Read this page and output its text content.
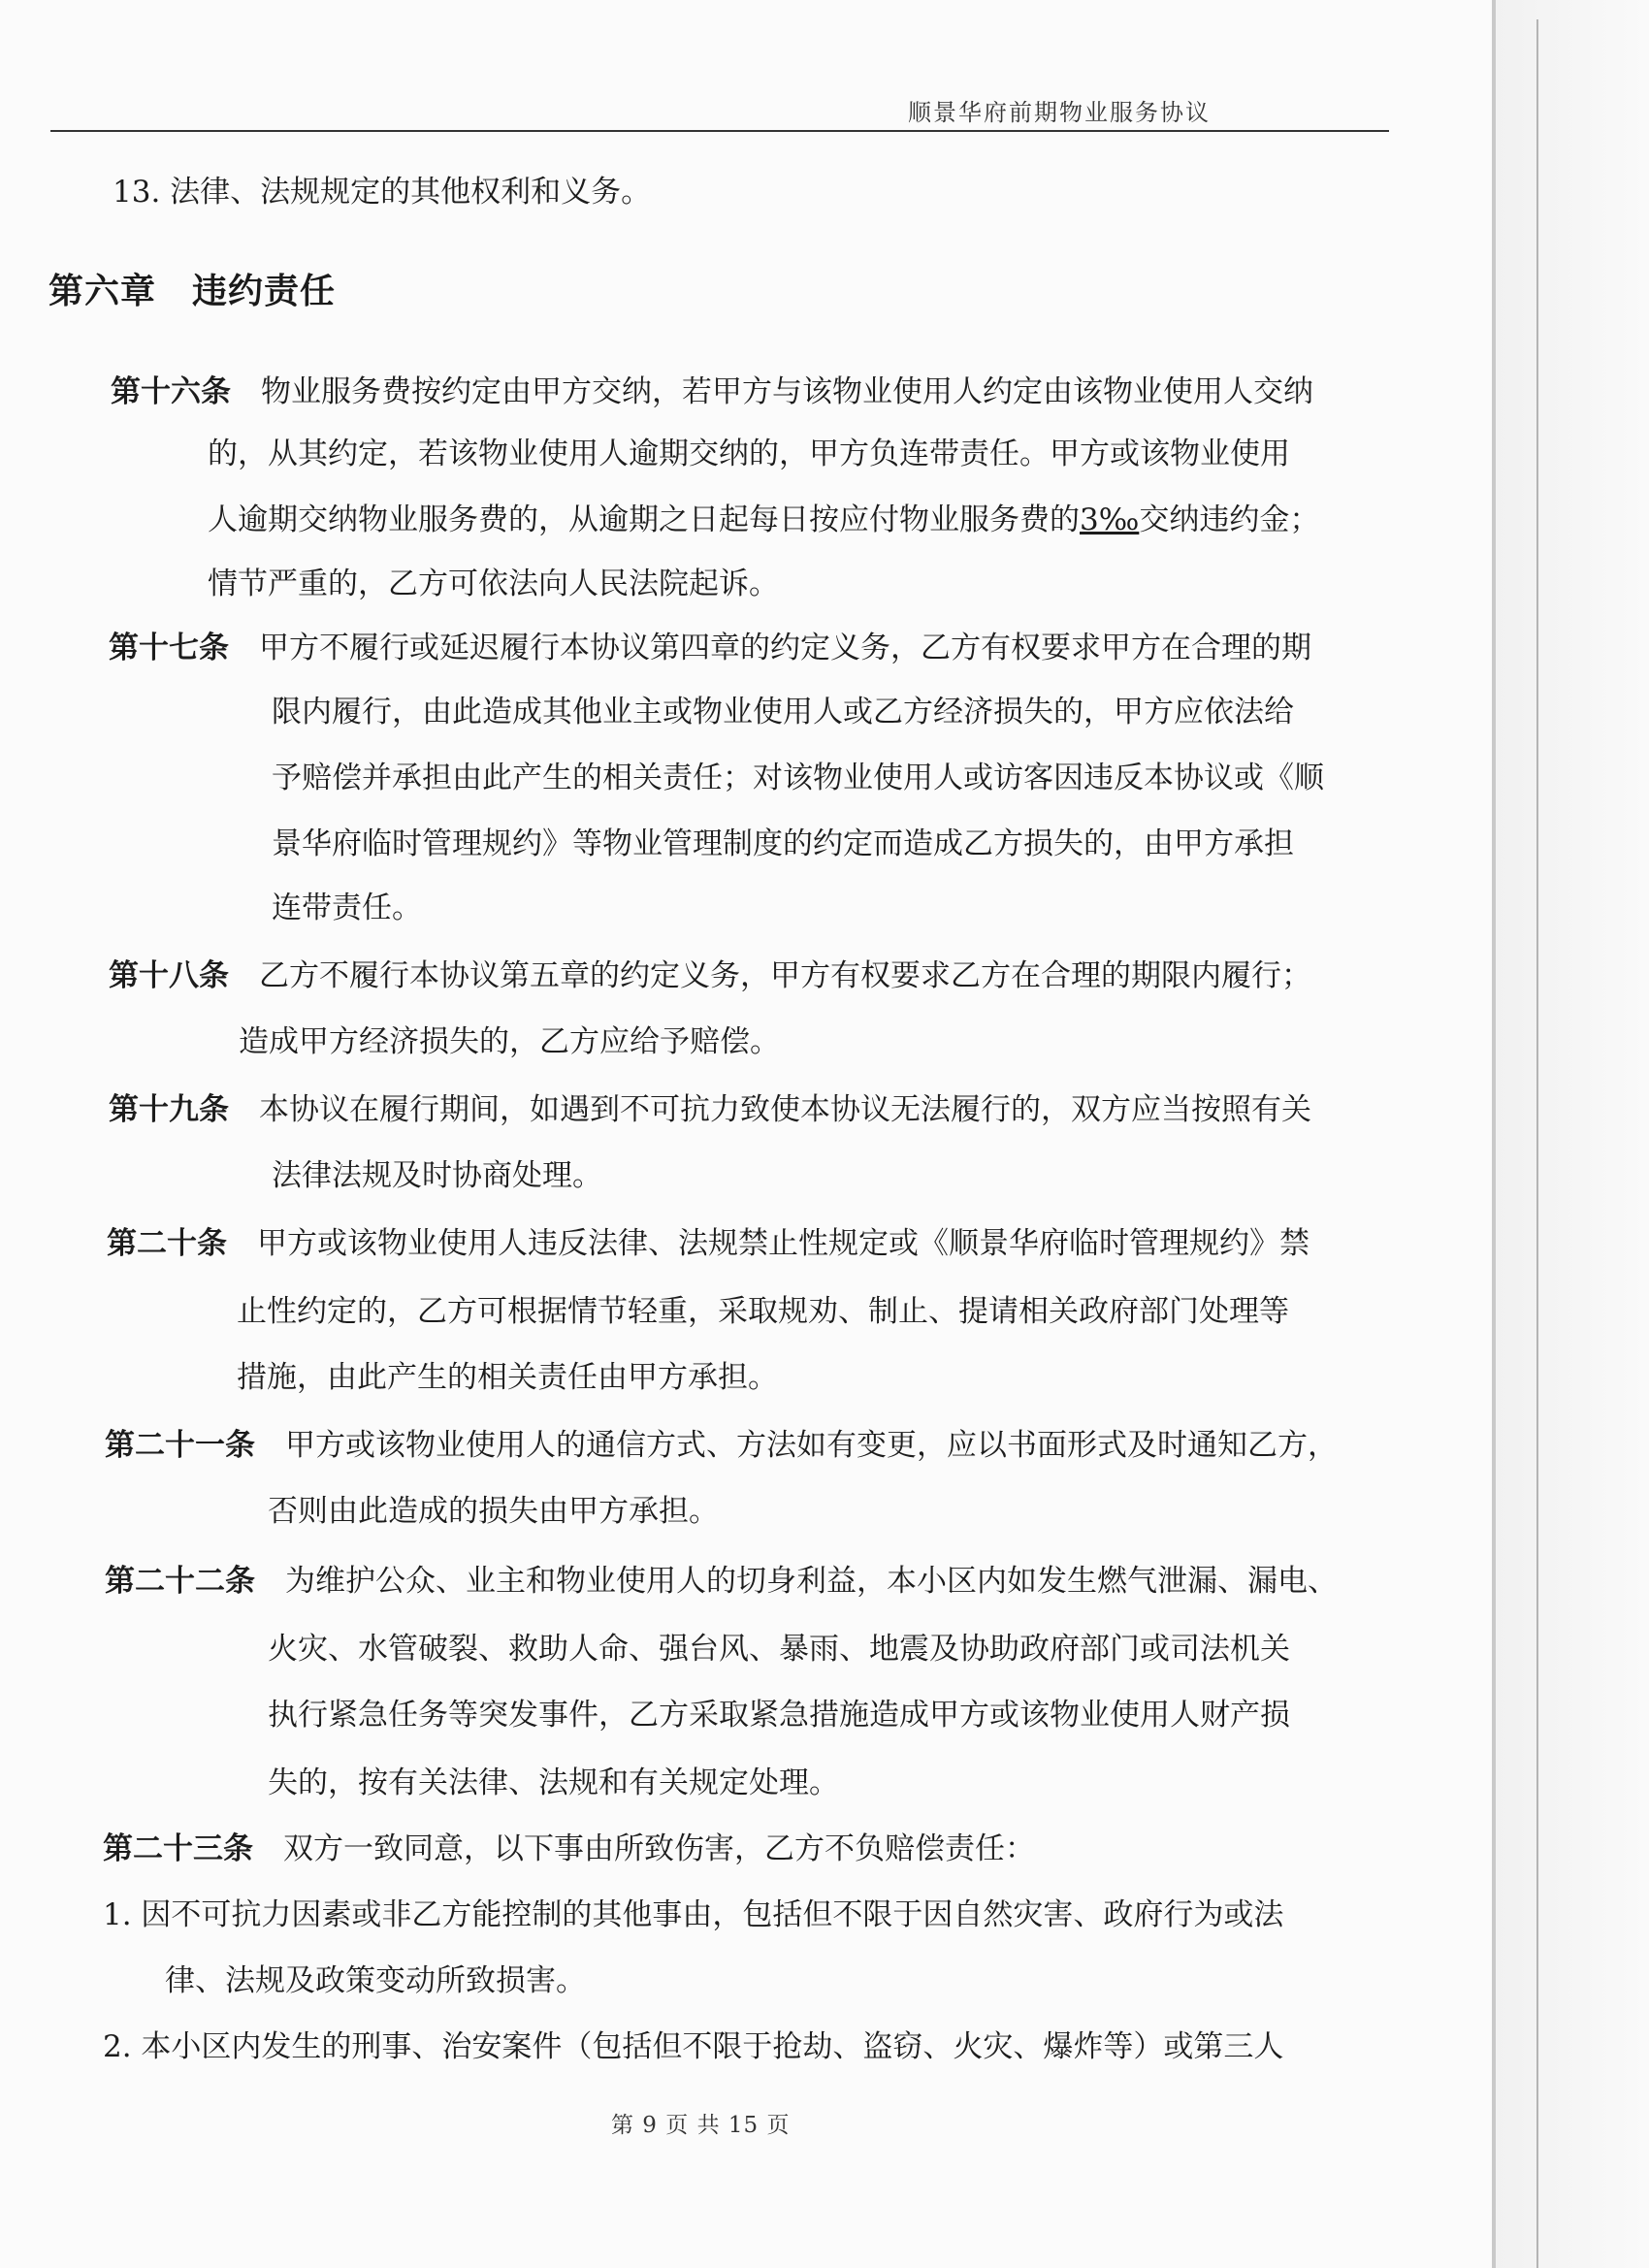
顺景华府前期物业服务协议
13. 法律、法规规定的其他权利和义务。
第六章　违约责任
第十六条　 物业服务费按约定由甲方交纳，若甲方与该物业使用人约定由该物业使用人交纳
的，从其约定，若该物业使用人逾期交纳的，甲方负连带责任。甲方或该物业使用
人逾期交纳物业服务费的，从逾期之日起每日按应付物业服务费的3‰交纳违约金；
情节严重的，乙方可依法向人民法院起诉。
第十七条　 甲方不履行或延迟履行本协议第四章的约定义务，乙方有权要求甲方在合理的期
限内履行，由此造成其他业主或物业使用人或乙方经济损失的，甲方应依法给
予赔偿并承担由此产生的相关责任；对该物业使用人或访客因违反本协议或《顺
景华府临时管理规约》等物业管理制度的约定而造成乙方损失的，由甲方承担
连带责任。
第十八条　 乙方不履行本协议第五章的约定义务，甲方有权要求乙方在合理的期限内履行；
造成甲方经济损失的，乙方应给予赔偿。
第十九条　 本协议在履行期间，如遇到不可抗力致使本协议无法履行的，双方应当按照有关
法律法规及时协商处理。
第二十条　 甲方或该物业使用人违反法律、法规禁止性规定或《顺景华府临时管理规约》禁
止性约定的，乙方可根据情节轻重，采取规劝、制止、提请相关政府部门处理等
措施，由此产生的相关责任由甲方承担。
第二十一条　 甲方或该物业使用人的通信方式、方法如有变更，应以书面形式及时通知乙方，
否则由此造成的损失由甲方承担。
第二十二条　 为维护公众、业主和物业使用人的切身利益，本小区内如发生燃气泄漏、漏电、
火灾、水管破裂、救助人命、强台风、暴雨、地震及协助政府部门或司法机关
执行紧急任务等突发事件，乙方采取紧急措施造成甲方或该物业使用人财产损
失的，按有关法律、法规和有关规定处理。
第二十三条　 双方一致同意，以下事由所致伤害，乙方不负赔偿责任：
1. 因不可抗力因素或非乙方能控制的其他事由，包括但不限于因自然灾害、政府行为或法
律、法规及政策变动所致损害。
2. 本小区内发生的刑事、治安案件（包括但不限于抢劫、盗窃、火灾、爆炸等）或第三人
第 9 页 共 15 页
